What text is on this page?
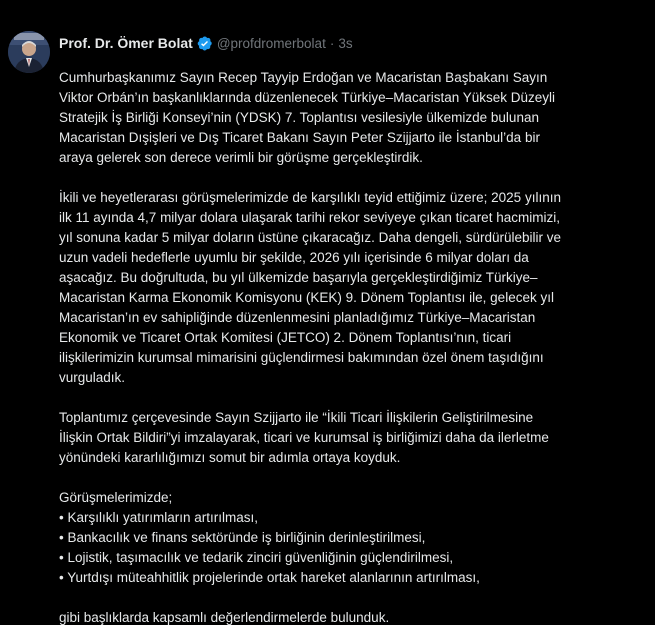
Prof. Dr. Ömer Bolat @profdromerbolat · 3s
Cumhurbaşkanımız Sayın Recep Tayyip Erdoğan ve Macaristan Başbakanı Sayın
Viktor Orbán’ın başkanlıklarında düzenlenecek Türkiye–Macaristan Yüksek Düzeyli
Stratejik İş Birliği Konseyi’nin (YDSK) 7. Toplantısı vesilesiyle ülkemizde bulunan
Macaristan Dışişleri ve Dış Ticaret Bakanı Sayın Peter Szijjarto ile İstanbul’da bir
araya gelerek son derece verimli bir görüşme gerçekleştirdik.
İkili ve heyetlerarası görüşmelerimizde de karşılıklı teyid ettiğimiz üzere; 2025 yılının
ilk 11 ayında 4,7 milyar dolara ulaşarak tarihi rekor seviyeye çıkan ticaret hacmimizi,
yıl sonuna kadar 5 milyar doların üstüne çıkaracağız. Daha dengeli, sürdürülebilir ve
uzun vadeli hedeflerle uyumlu bir şekilde, 2026 yılı içerisinde 6 milyar doları da
aşacağız. Bu doğrultuda, bu yıl ülkemizde başarıyla gerçekleştirdiğimiz Türkiye–
Macaristan Karma Ekonomik Komisyonu (KEK) 9. Dönem Toplantısı ile, gelecek yıl
Macaristan’ın ev sahipliğinde düzenlenmesini planladığımız Türkiye–Macaristan
Ekonomik ve Ticaret Ortak Komitesi (JETCO) 2. Dönem Toplantısı’nın, ticari
ilişkilerimizin kurumsal mimarisini güçlendirmesi bakımından özel önem taşıdığını
vurguladık.
Toplantımız çerçevesinde Sayın Szijjarto ile “İkili Ticari İlişkilerin Geliştirilmesine
İlişkin Ortak Bildiri”yi imzalayarak, ticari ve kurumsal iş birliğimizi daha da ilerletme
yönündeki kararlılığımızı somut bir adımla ortaya koyduk.
Görüşmelerimizde;
• Karşılıklı yatırımların artırılması,
• Bankacılık ve finans sektöründe iş birliğinin derinleştirilmesi,
• Lojistik, taşımacılık ve tedarik zinciri güvenliğinin güçlendirilmesi,
• Yurtdışı müteahhitlik projelerinde ortak hareket alanlarının artırılması,
gibi başlıklarda kapsamlı değerlendirmelerde bulunduk.
